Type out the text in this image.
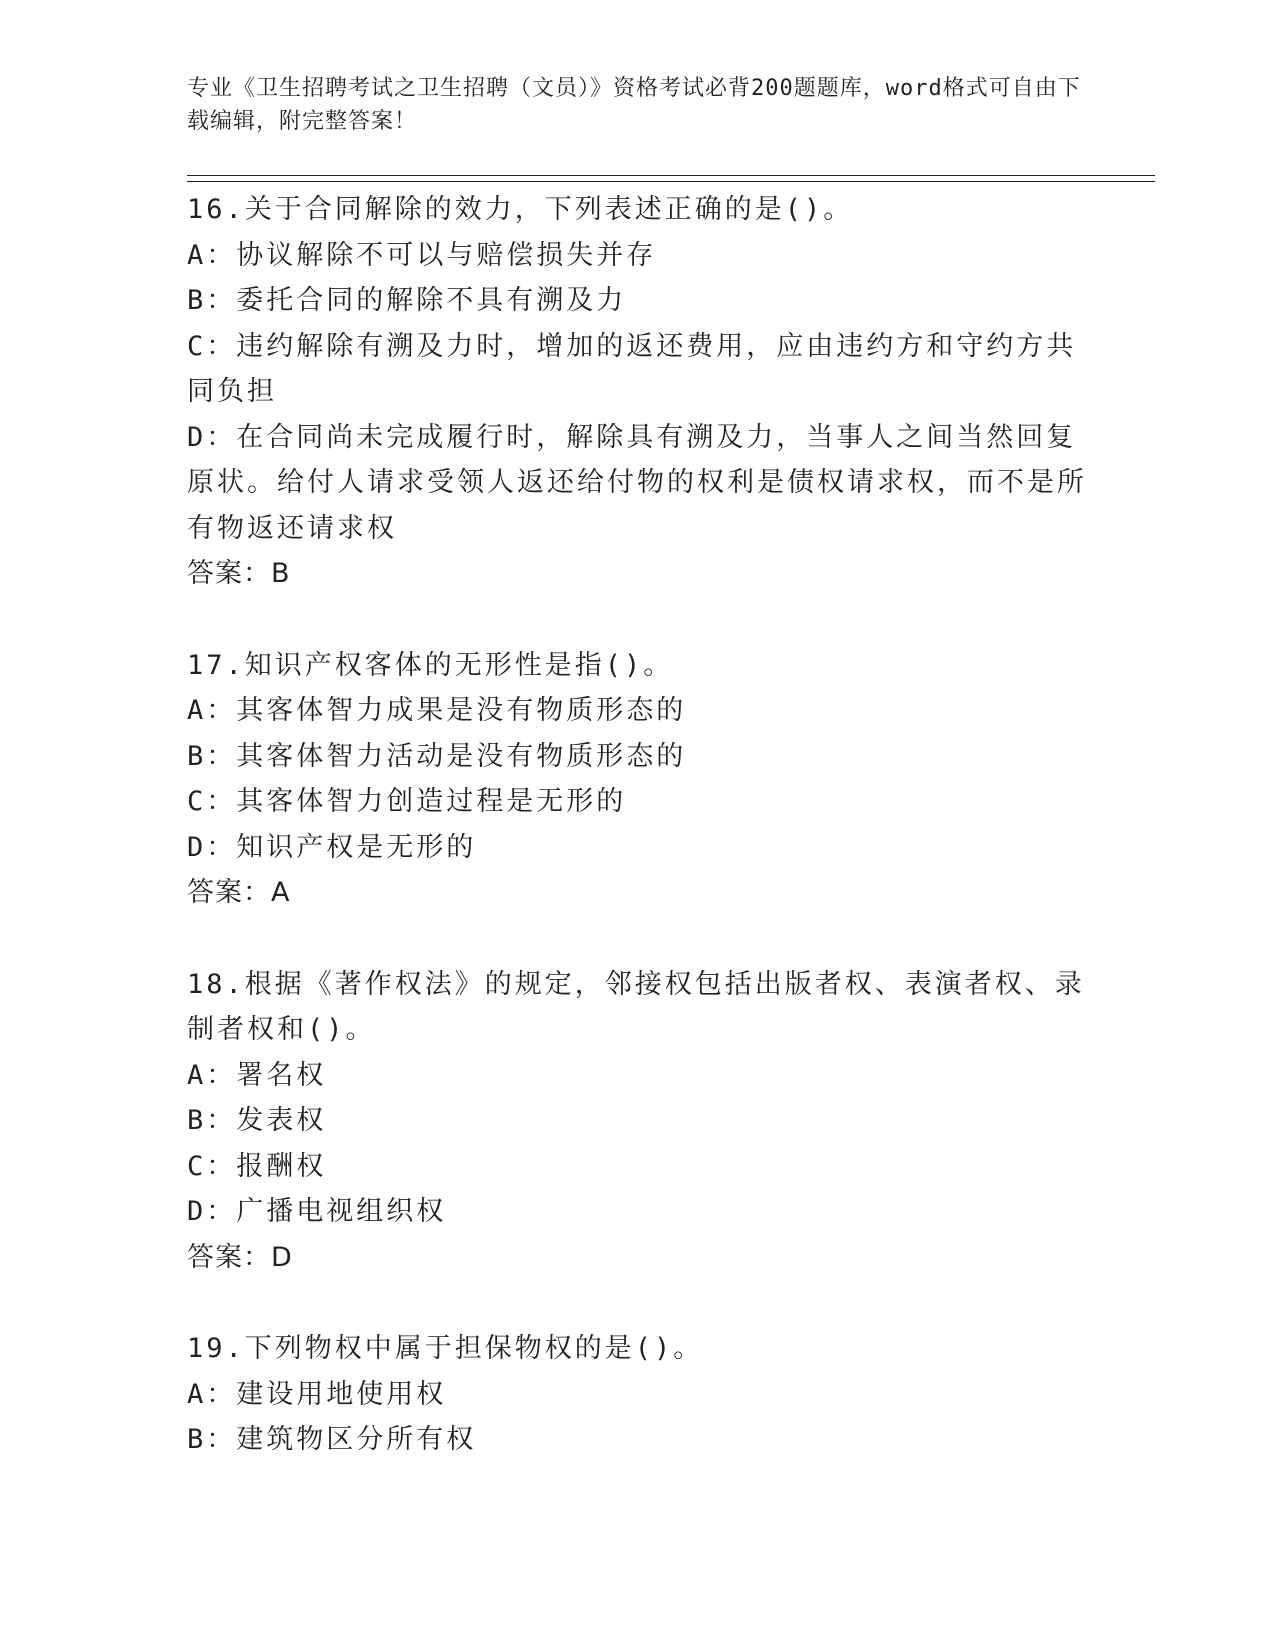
专业《卫生招聘考试之卫生招聘（文员）》资格考试必背200题题库，word格式可自由下载编辑，附完整答案！

16 . 关于合同解除的效力，下列表述正确的是()。

A ： 协议解除不可以与赔偿损失并存

B ： 委托合同的解除不具有溯及力

C ： 违约解除有溯及力时，增加的返还费用，应由违约方和守约方共同负担

D ： 在合同尚未完成履行时，解除具有溯及力，当事人之间当然回复原状。给付人请求受领人返还给付物的权利是债权请求权，而不是所有物返还请求权

答案 ： B

17 . 知识产权客体的无形性是指()。

A ： 其客体智力成果是没有物质形态的

B ： 其客体智力活动是没有物质形态的

C ： 其客体智力创造过程是无形的

D ： 知识产权是无形的

答案 ： A

18 . 根据《著作权法》的规定，邻接权包括出版者权、表演者权、录制者权和()。

A ： 署名权

B ： 发表权

C ： 报酬权

D ： 广播电视组织权

答案 ： D

19 . 下列物权中属于担保物权的是()。

A ： 建设用地使用权

B ： 建筑物区分所有权
